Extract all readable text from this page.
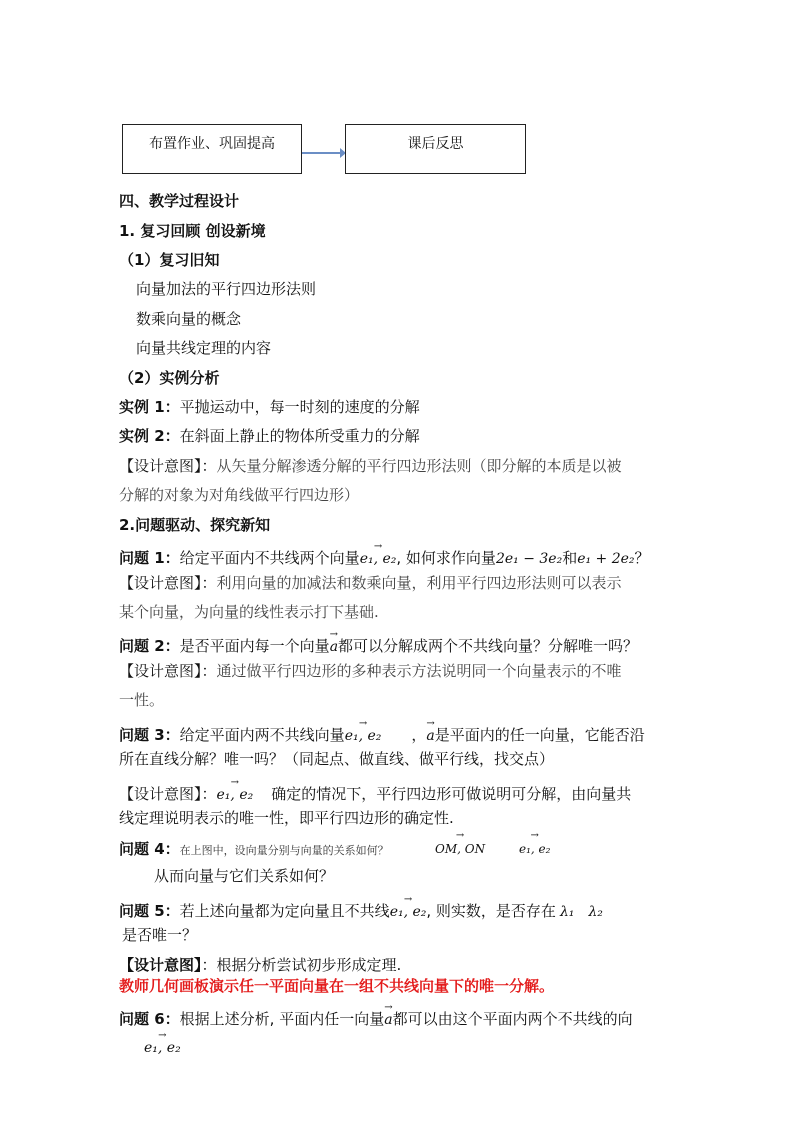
布置作业、巩固提高	课后反思
四、教学过程设计
1. 复习回顾 创设新境
（1）复习旧知
向量加法的平行四边形法则
数乘向量的概念
向量共线定理的内容
（2）实例分析
实例 1：平抛运动中，每一时刻的速度的分解
实例 2：在斜面上静止的物体所受重力的分解
【设计意图】：从矢量分解渗透分解的平行四边形法则（即分解的本质是以被
分解的对象为对角线做平行四边形）
2.问题驱动、探究新知
问题 1：给定平面内不共线两个向量→ e₁, e₂, 如何求作向量2e₁ − 3e₂和e₁ + 2e₂？
【设计意图】：利用向量的加减法和数乘向量，利用平行四边形法则可以表示
某个向量，为向量的线性表示打下基础.
问题 2：是否平面内每一个向量→ a都可以分解成两个不共线向量？分解唯一吗？
【设计意图】：通过做平行四边形的多种表示方法说明同一个向量表示的不唯
一性。
问题 3：给定平面内两不共线向量→ e₁, e₂ ，→ a是平面内的任一向量，它能否沿
所在直线分解？唯一吗？（同起点、做直线、做平行线，找交点）
【设计意图】：→ e₁, e₂ 确定的情况下，平行四边形可做说明可分解，由向量共
线定理说明表示的唯一性，即平行四边形的确定性.
问题 4：在上图中，设向量分别与向量的关系如何？	→ OM, ON	→ e₁, e₂
从而向量与它们关系如何？
问题 5：若上述向量都为定向量且不共线→ e₁, e₂, 则实数，是否存在 λ₁ λ₂
是否唯一？
【设计意图】：根据分析尝试初步形成定理.
教师几何画板演示任一平面向量在一组不共线向量下的唯一分解。
问题 6：根据上述分析, 平面内任一向量→ a都可以由这个平面内两个不共线的向
→ e₁, e₂
